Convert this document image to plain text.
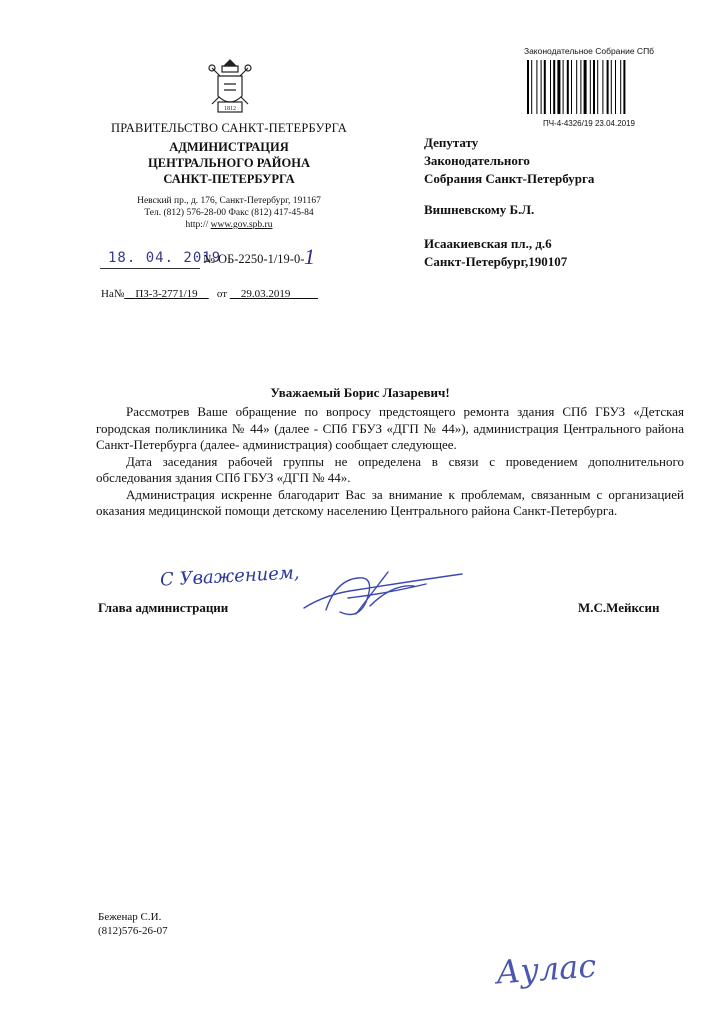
1812
ПРАВИТЕЛЬСТВО САНКТ-ПЕТЕРБУРГА
АДМИНИСТРАЦИЯ
ЦЕНТРАЛЬНОГО РАЙОНА
САНКТ-ПЕТЕРБУРГА
Невский пр., д. 176, Санкт-Петербург, 191167
Тел. (812) 576-28-00 Факс (812) 417-45-84
http:// www.gov.spb.ru
18. 04. 2019
№ ОБ-2250-1/19-0- 1
На№__ПЗ-3-2771/19__ от __29.03.2019_____
Законодательное Собрание СПб
ПЧ-4-4326/19 23.04.2019
Депутату
Законодательного
Собрания Санкт-Петербурга
Вишневскому Б.Л.
Исаакиевская пл., д.6
Санкт-Петербург,190107
Уважаемый Борис Лазаревич!

Рассмотрев Ваше обращение по вопросу предстоящего ремонта здания СПб ГБУЗ «Детская городская поликлиника № 44» (далее - СПб ГБУЗ «ДГП № 44»), администрация Центрального района Санкт-Петербурга (далее- администрация) сообщает следующее.

Дата заседания рабочей группы не определена в связи с проведением дополнительного обследования здания СПб ГБУЗ «ДГП № 44».

Администрация искренне благодарит Вас за внимание к проблемам, связанным с организацией оказания медицинской помощи детскому населению Центрального района Санкт-Петербурга.

С Уважением,
Глава администрации	М.С.Мейксин
Беженар С.И.
(812)576-26-07
Аулас
